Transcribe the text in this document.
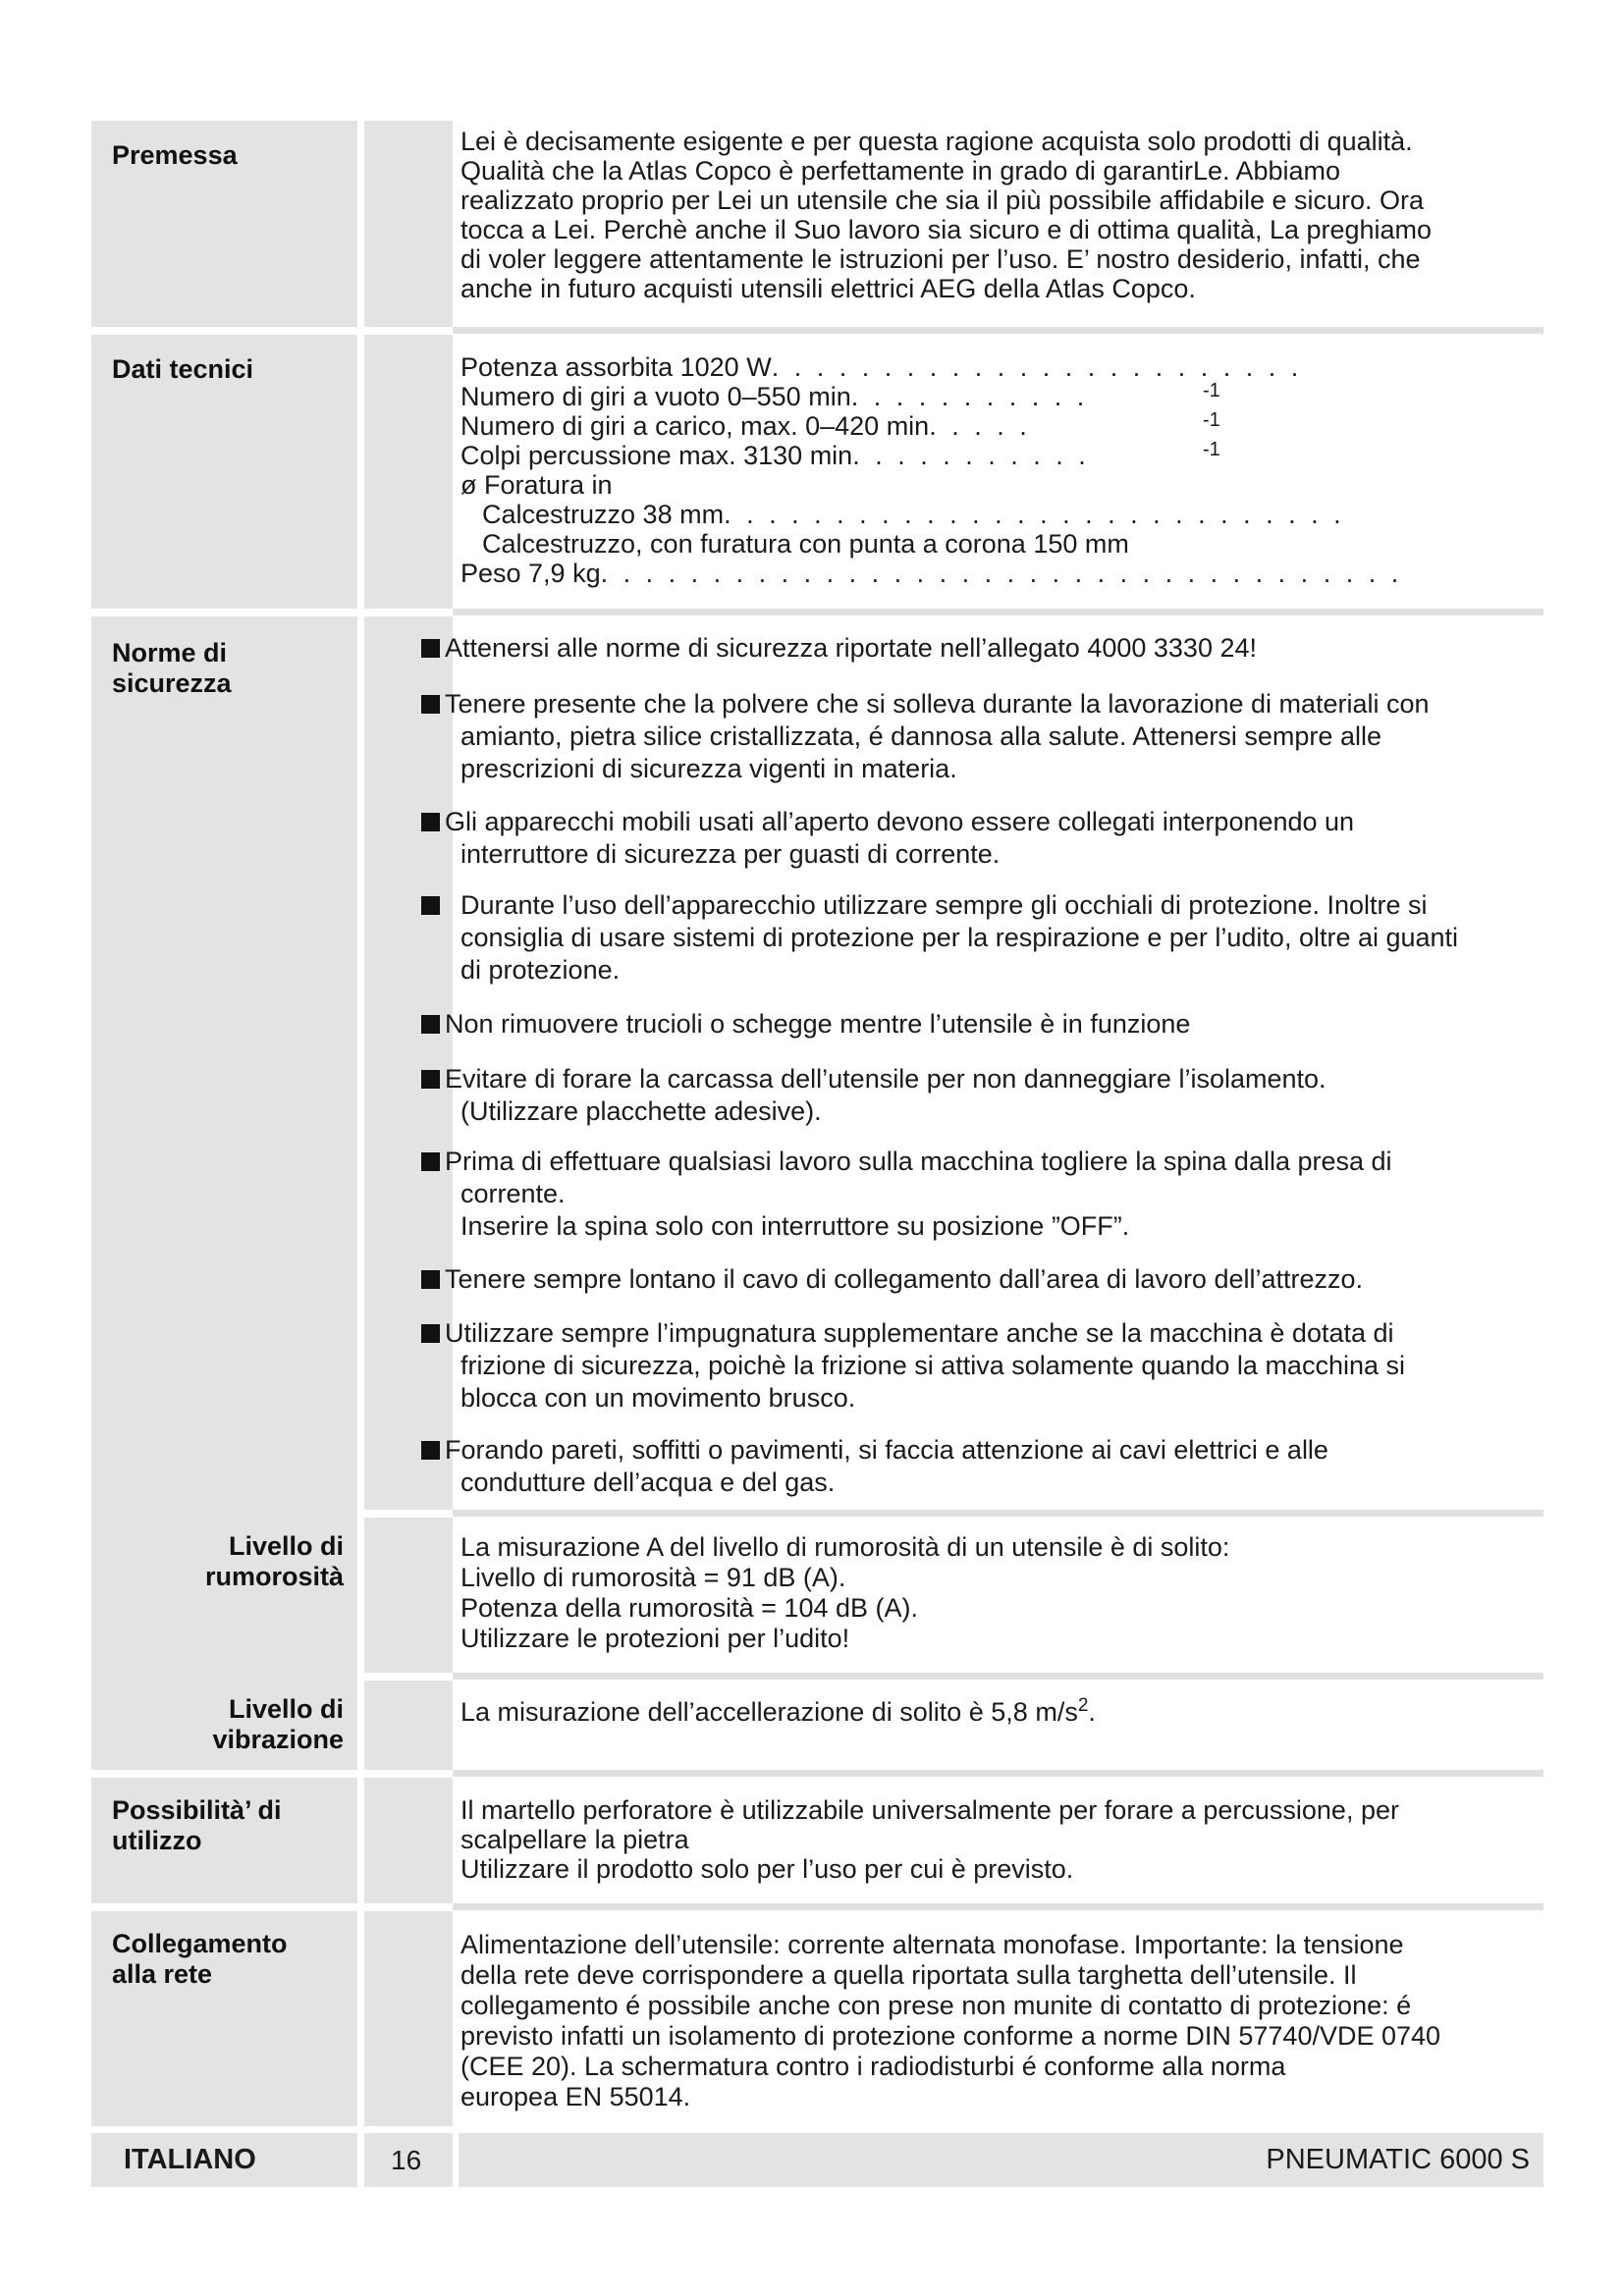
Premessa	Lei è decisamente esigente e per questa ragione acquista solo prodotti di qualità.
Qualità che la Atlas Copco è perfettamente in grado di garantirLe. Abbiamo
realizzato proprio per Lei un utensile che sia il più possibile affidabile e sicuro. Ora
tocca a Lei. Perchè anche il Suo lavoro sia sicuro e di ottima qualità, La preghiamo
di voler leggere attentamente le istruzioni per l’uso. E’ nostro desiderio, infatti, che
anche in futuro acquisti utensili elettrici AEG della Atlas Copco.
Dati tecnici	Potenza assorbita 1020 W. . . . . . . . . . . . . . . . . . . . . . . .
Numero di giri a vuoto 0–550 min. . . . . . . . . . .	-1
Numero di giri a carico, max. 0–420 min. . . . .	-1
Colpi percussione max. 3130 min. . . . . . . . . . .	-1
ø Foratura in
Calcestruzzo 38 mm. . . . . . . . . . . . . . . . . . . . . . . . . . . .
Calcestruzzo, con furatura con punta a corona 150 mm
Peso 7,9 kg. . . . . . . . . . . . . . . . . . . . . . . . . . . . . . . . . . . .
Norme di
sicurezza
Attenersi alle norme di sicurezza riportate nell’allegato 4000 3330 24!
Tenere presente che la polvere che si solleva durante la lavorazione di materiali con
amianto, pietra silice cristallizzata, é dannosa alla salute. Attenersi sempre alle
prescrizioni di sicurezza vigenti in materia.
Gli apparecchi mobili usati all’aperto devono essere collegati interponendo un
interruttore di sicurezza per guasti di corrente.
Durante l’uso dell’apparecchio utilizzare sempre gli occhiali di protezione. Inoltre si
consiglia di usare sistemi di protezione per la respirazione e per l’udito, oltre ai guanti
di protezione.
Non rimuovere trucioli o schegge mentre l’utensile è in funzione
Evitare di forare la carcassa dell’utensile per non danneggiare l’isolamento.
(Utilizzare placchette adesive).
Prima di effettuare qualsiasi lavoro sulla macchina togliere la spina dalla presa di
corrente.
Inserire la spina solo con interruttore su posizione ”OFF”.
Tenere sempre lontano il cavo di collegamento dall’area di lavoro dell’attrezzo.
Utilizzare sempre l’impugnatura supplementare anche se la macchina è dotata di
frizione di sicurezza, poichè la frizione si attiva solamente quando la macchina si
blocca con un movimento brusco.
Forando pareti, soffitti o pavimenti, si faccia attenzione ai cavi elettrici e alle
condutture dell’acqua e del gas.
Livello di
rumorosità
La misurazione A del livello di rumorosità di un utensile è di solito:
Livello di rumorosità = 91 dB (A).
Potenza della rumorosità = 104 dB (A).
Utilizzare le protezioni per l’udito!
Livello di
vibrazione
La misurazione dell’accellerazione di solito è 5,8 $m/s^2$.
Possibilità’ di
utilizzo
Il martello perforatore è utilizzabile universalmente per forare a percussione, per
scalpellare la pietra
Utilizzare il prodotto solo per l’uso per cui è previsto.
Collegamento
alla rete
Alimentazione dell’utensile: corrente alternata monofase. Importante: la tensione
della rete deve corrispondere a quella riportata sulla targhetta dell’utensile. Il
collegamento é possibile anche con prese non munite di contatto di protezione: é
previsto infatti un isolamento di protezione conforme a norme DIN 57740/VDE 0740
(CEE 20). La schermatura contro i radiodisturbi é conforme alla norma
europea EN 55014.
ITALIANO	16	PNEUMATIC 6000 S
